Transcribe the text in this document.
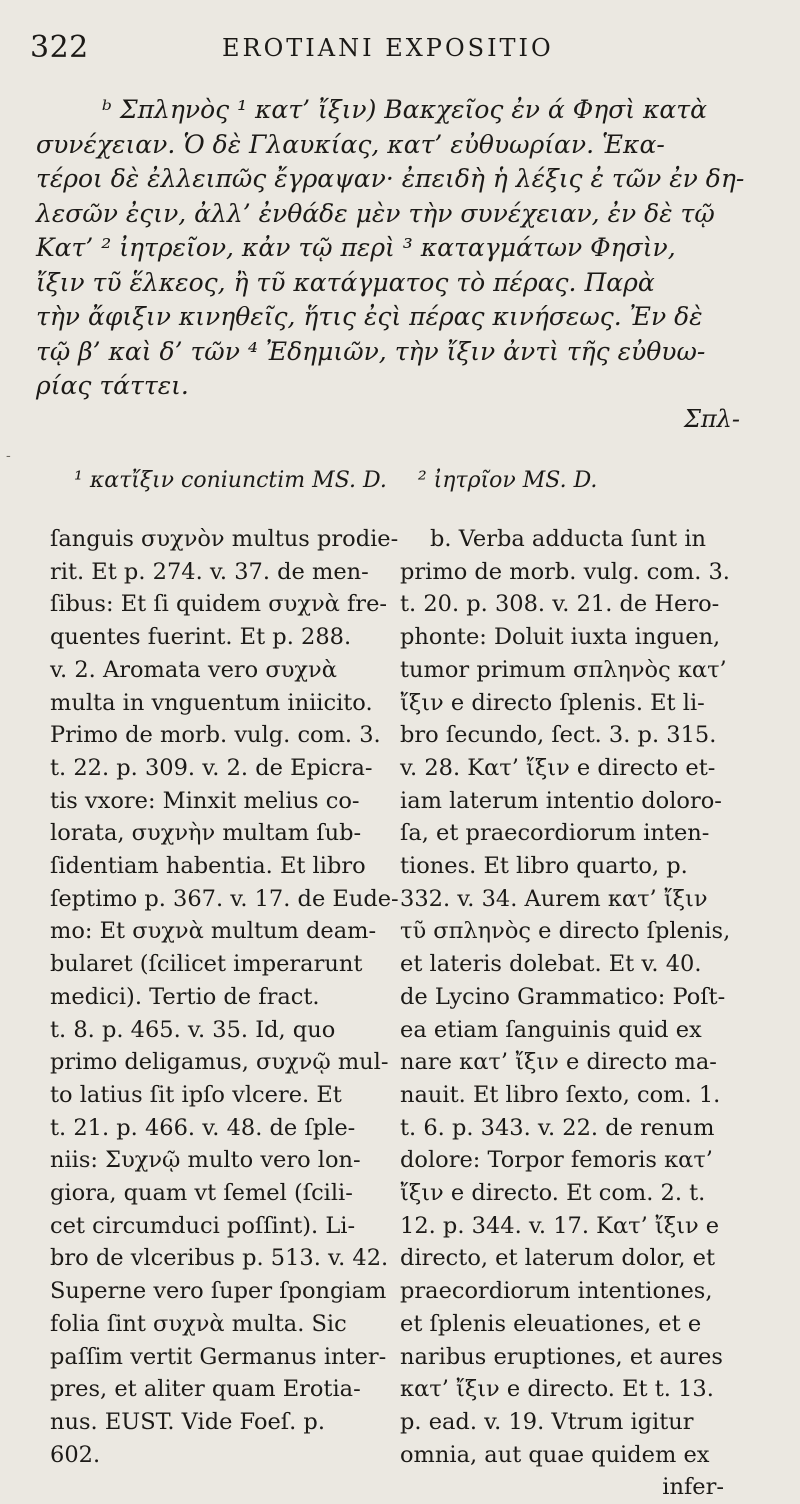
322	EROTIANI EXPOSITIO
-
ᵇ Σπληνὸς ¹ κατ’ ἴξιν) Βακχεῖος ἐν ά Φησὶ κατὰ
συνέχειαν. Ὁ δὲ Γλαυκίας, κατ’ εὐθυωρίαν. Ἑκα-
τέροι δὲ ἐλλειπῶς ἔγραψαν· ἐπειδὴ ἡ λέξις ἐ τῶν ἐν δη-
λεσῶν ἐςιν, ἀλλ’ ἐνθάδε μὲν τὴν συνέχειαν, ἐν δὲ τῷ
Κατ’ ² ἰητρεῖον, κἀν τῷ περὶ ³ καταγμάτων Φησὶν,
ἴξιν τῦ ἕλκεος, ἢ τῦ κατάγματος τὸ πέρας. Παρὰ
τὴν ἄφιξιν κινηθεῖς, ἥτις ἐςὶ πέρας κινήσεως. Ἐν δὲ
τῷ β’ καὶ δ’ τῶν ⁴ Ἐδημιῶν, τὴν ἴξιν ἀντὶ τῆς εὐθυω-
ρίας τάττει.
Σπλ-
¹ κατἴξιν coniunctim MS. D. ² ἰητρῖον MS. D.
ſanguis συχνὸν multus prodie-
rit. Et p. 274. v. 37. de men-
ſibus: Et ſi quidem συχνὰ fre-
quentes fuerint. Et p. 288.
v. 2. Aromata vero συχνὰ
multa in vnguentum iniicito.
Primo de morb. vulg. com. 3.
t. 22. p. 309. v. 2. de Epicra-
tis vxore: Minxit melius co-
lorata, συχνὴν multam ſub-
ſidentiam habentia. Et libro
ſeptimo p. 367. v. 17. de Eude-
mo: Et συχνὰ multum deam-
bularet (ſcilicet imperarunt
medici). Tertio de fract.
t. 8. p. 465. v. 35. Id, quo
primo deligamus, συχνῷ mul-
to latius ſit ipſo vlcere. Et
t. 21. p. 466. v. 48. de ſple-
niis: Συχνῷ multo vero lon-
giora, quam vt ſemel (ſcili-
cet circumduci poſſint). Li-
bro de vlceribus p. 513. v. 42.
Superne vero ſuper ſpongiam
folia ſint συχνὰ multa. Sic
paſſim vertit Germanus inter-
pres, et aliter quam Erotia-
nus. EUST. Vide Foeſ. p.
602.
b. Verba adducta ſunt in
primo de morb. vulg. com. 3.
t. 20. p. 308. v. 21. de Hero-
phonte: Doluit iuxta inguen,
tumor primum σπληνὸς κατ’
ἴξιν e directo ſplenis. Et li-
bro ſecundo, ſect. 3. p. 315.
v. 28. Κατ’ ἴξιν e directo et-
iam laterum intentio doloro-
ſa, et praecordiorum inten-
tiones. Et libro quarto, p.
332. v. 34. Aurem κατ’ ἴξιν
τῦ σπληνὸς e directo ſplenis,
et lateris dolebat. Et v. 40.
de Lycino Grammatico: Poſt-
ea etiam ſanguinis quid ex
nare κατ’ ἴξιν e directo ma-
nauit. Et libro ſexto, com. 1.
t. 6. p. 343. v. 22. de renum
dolore: Torpor femoris κατ’
ἴξιν e directo. Et com. 2. t.
12. p. 344. v. 17. Κατ’ ἴξιν e
directo, et laterum dolor, et
praecordiorum intentiones,
et ſplenis eleuationes, et e
naribus eruptiones, et aures
κατ’ ἴξιν e directo. Et t. 13.
p. ead. v. 19. Vtrum igitur
omnia, aut quae quidem ex
infer-
